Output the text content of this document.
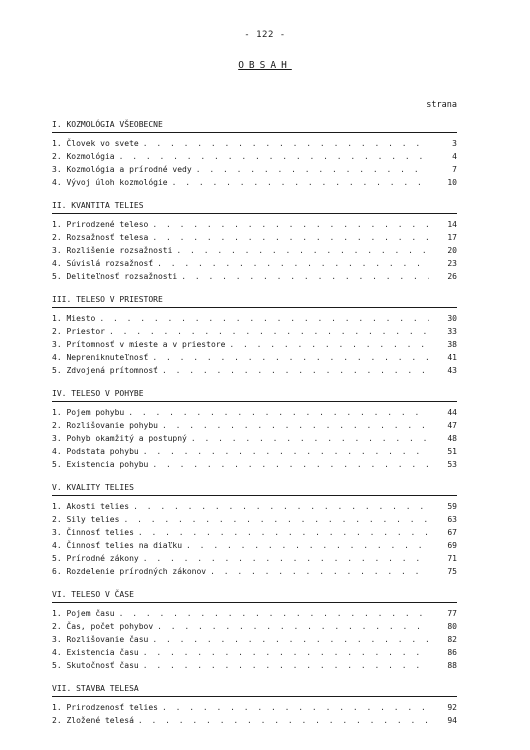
- 122 -
OBSAH
strana
I. KOZMOLÓGIA VŠEOBECNE
1. Človek vo svete . . .	3
2. Kozmológia . . .	4
3. Kozmológia a prírodné vedy . . .	7
4. Vývoj úloh kozmológie . . .	10
II. KVANTITA TELIES
1. Prirodzené teleso . . .	14
2. Rozsažnosť telesa . . .	17
3. Rozlišenie rozsažnosti . . .	20
4. Súvislá rozsažnosť . . .	23
5. Deliteľnosť rozsažnosti . . .	26
III. TELESO V PRIESTORE
1. Miesto . . .	30
2. Priestor . . .	33
3. Prítomnosť v mieste a v priestore . . .	38
4. Nepreniknuteľnosť . . .	41
5. Zdvojená prítomnosť . . .	43
IV. TELESO V POHYBE
1. Pojem pohybu . . .	44
2. Rozlišovanie pohybu . . .	47
3. Pohyb okamžitý a postupný . . .	48
4. Podstata pohybu . . .	51
5. Existencia pohybu . . .	53
V. KVALITY TELIES
1. Akosti telies . . .	59
2. Sily telies . . .	63
3. Činnosť telies . . .	67
4. Činnosť telies na diaľku . . .	69
5. Prírodné zákony . . .	71
6. Rozdelenie prírodných zákonov . . .	75
VI. TELESO V ČASE
1. Pojem času . . .	77
2. Čas, počet pohybov . . .	80
3. Rozlišovanie času . . .	82
4. Existencia času . . .	86
5. Skutočnosť času . . .	88
VII. STAVBA TELESA
1. Prirodzenosť telies . . .	92
2. Zložené telesá . . .	94
